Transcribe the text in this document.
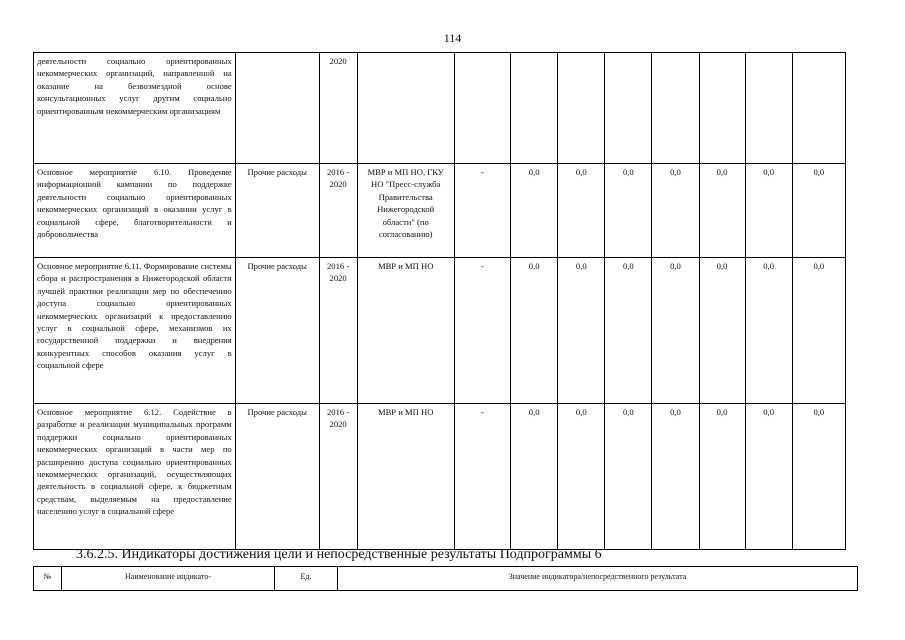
114
деятельности социально ориентированных некоммерческих организаций, направленной на оказание на безвозмездной основе консультационных услуг другим социально ориентированным некоммерческим организациям		2020									
Основное мероприятие 6.10. Проведение информационной кампании по поддержке деятельности социально ориентированных некоммерческих организаций в оказании услуг в социальной сфере, благотворительности и добровольчества	Прочие расходы	2016 - 2020	МВР и МП НО, ГКУ НО "Пресс-служба Правительства Нижегородской области" (по согласованию)	-	0,0	0,0	0,0	0,0	0,0	0,0	0,0
Основное мероприятие 6.11. Формирование системы сбора и распространения в Нижегородской области лучшей практики реализации мер по обеспечению доступа социально ориентированных некоммерческих организаций к предоставлению услуг в социальной сфере, механизмов их государственной поддержки и внедрения конкурентных способов оказания услуг в социальной сфере	Прочие расходы	2016 - 2020	МВР и МП НО	-	0,0	0,0	0,0	0,0	0,0	0,0	0,0
Основное мероприятие 6.12. Содействие в разработке и реализации муниципальных программ поддержки социально ориентированных некоммерческих организаций в части мер по расширению доступа социально ориентированных некоммерческих организаций, осуществляющих деятельность в социальной сфере, к бюджетным средствам, выделяемым на предоставление населению услуг в социальной сфере	Прочие расходы	2016 - 2020	МВР и МП НО	-	0,0	0,0	0,0	0,0	0,0	0,0	0,0
3.6.2.5. Индикаторы достижения цели и непосредственные результаты Подпрограммы 6
№	Наименование индикато-	Ед.	Значение индикатора/непосредственного результата
